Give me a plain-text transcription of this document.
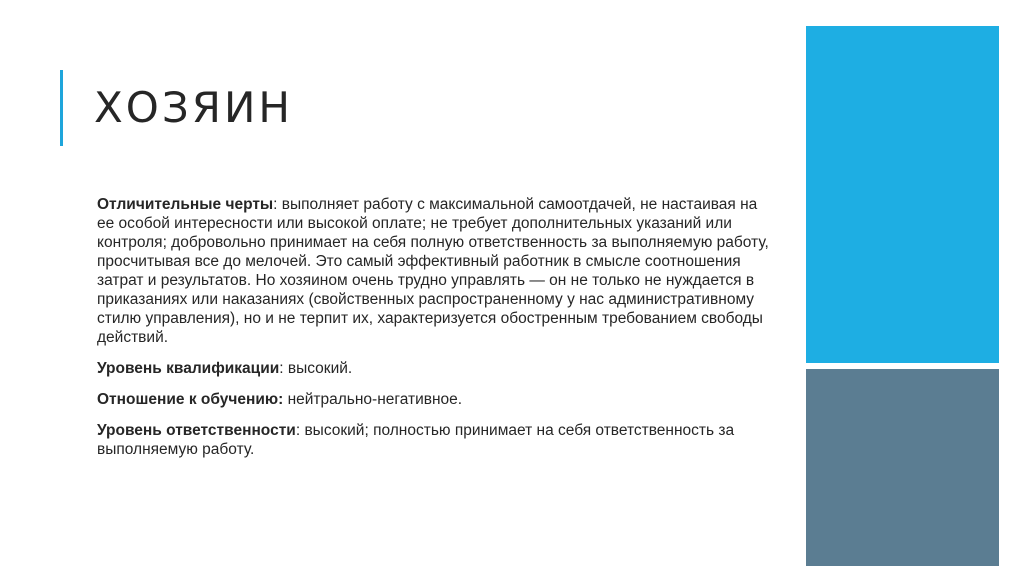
ХОЗЯИН

Отличительные черты: выполняет работу с максимальной самоотдачей, не настаивая на ее особой интересности или высокой оплате; не требует дополнительных указаний или контроля; добровольно принимает на себя полную ответственность за выполняемую работу, просчитывая все до мелочей. Это самый эффективный работник в смысле соотношения затрат и результатов. Но хозяином очень трудно управлять — он не только не нуждается в приказаниях или наказаниях (свойственных распространенному у нас административному стилю управления), но и не терпит их, характеризуется обостренным требованием свободы действий.

Уровень квалификации: высокий.

Отношение к обучению: нейтрально-негативное.

Уровень ответственности: высокий; полностью принимает на себя ответственность за выполняемую работу.
